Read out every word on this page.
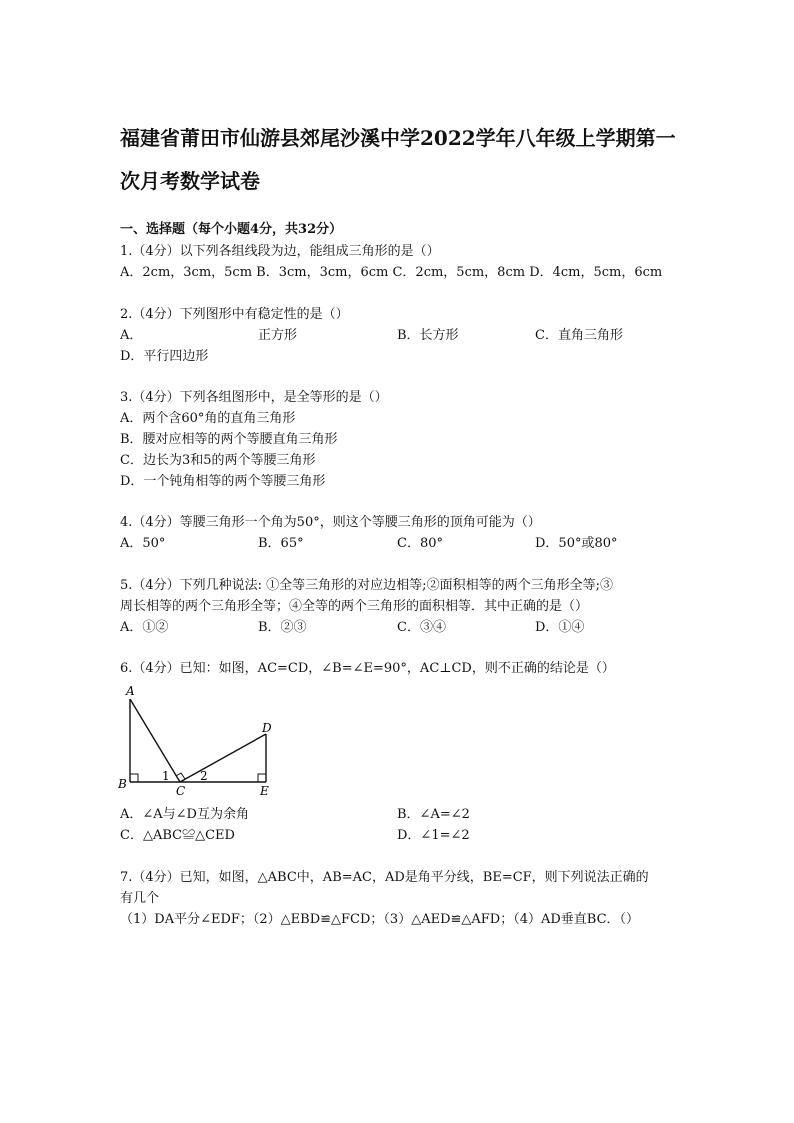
福建省莆田市仙游县郊尾沙溪中学2022学年八年级上学期第一
次月考数学试卷
一、选择题（每个小题4分，共32分）
1.（4分）以下列各组线段为边，能组成三角形的是（）
A．2cm，3cm，5cm B．3cm，3cm，6cm C．2cm，5cm，8cm D．4cm，5cm，6cm
2.（4分）下列图形中有稳定性的是（）
A．	正方形	B．长方形	C．直角三角形
D．平行四边形
3.（4分）下列各组图形中，是全等形的是（）
A．两个含60°角的直角三角形
B．腰对应相等的两个等腰直角三角形
C．边长为3和5的两个等腰三角形
D．一个钝角相等的两个等腰三角形
4.（4分）等腰三角形一个角为50°，则这个等腰三角形的顶角可能为（）
A．50°	B．65°	C．80°	D．50°或80°
5.（4分）下列几种说法: ①全等三角形的对应边相等;②面积相等的两个三角形全等;③
周长相等的两个三角形全等；④全等的两个三角形的面积相等．其中正确的是（）
A．①②	B．②③	C．③④	D．①④
6.（4分）已知：如图，AC=CD，∠B=∠E=90°，AC⊥CD，则不正确的结论是（）
A
B	C
D
E
1	2
A．∠A与∠D互为余角	B．∠A=∠2
C．△ABC≌△CED	D．∠1=∠2
7.（4分）已知，如图，△ABC中，AB=AC，AD是角平分线，BE=CF，则下列说法正确的
有几个
（1）DA平分∠EDF；（2）△EBD≌△FCD；（3）△AED≌△AFD；（4）AD垂直BC．（）
